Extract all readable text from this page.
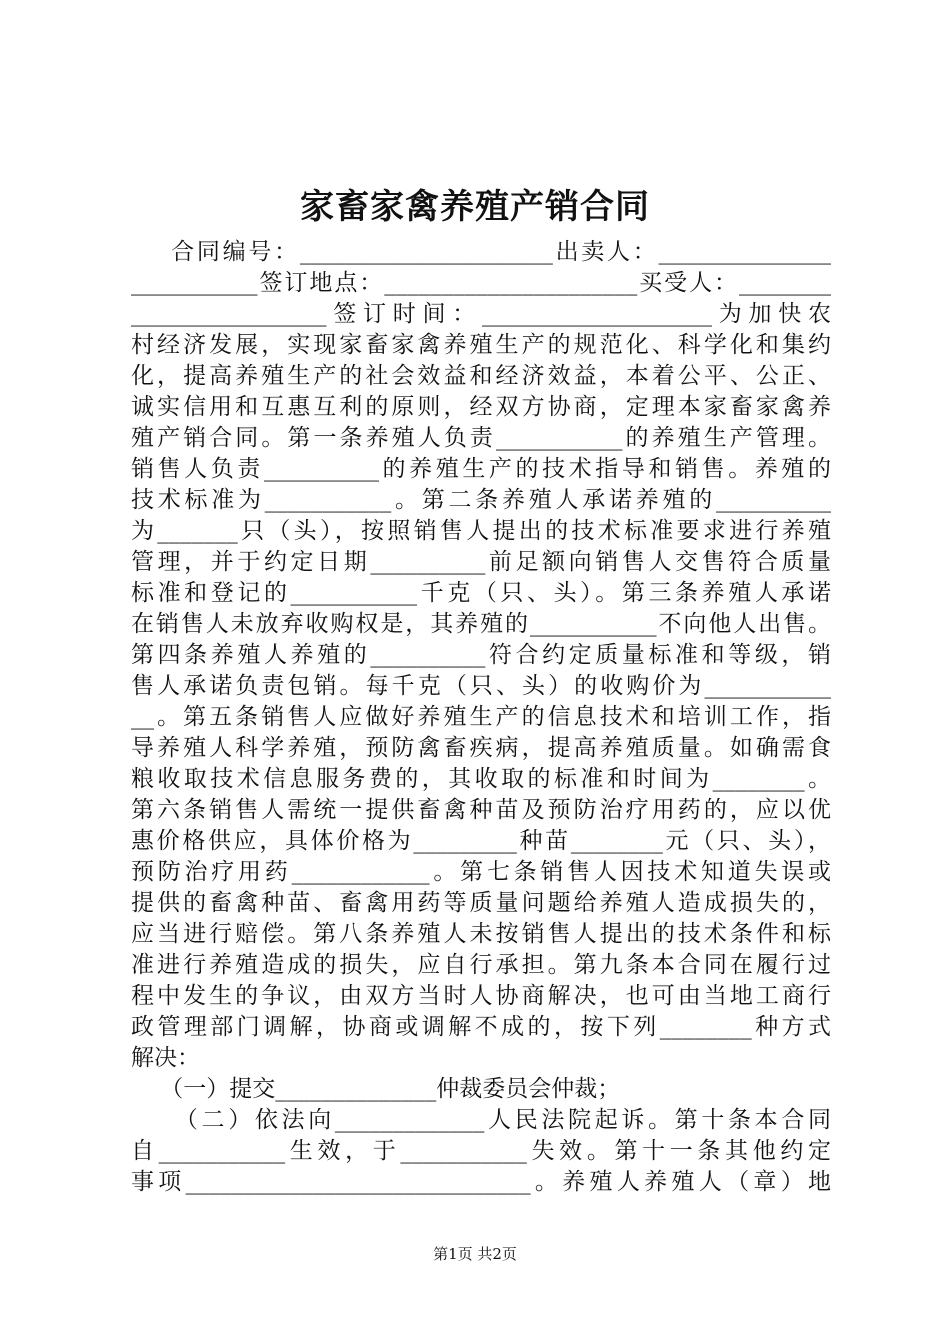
家畜家禽养殖产销合同
合同编号：______________________出卖人：_______________
___________签订地点：______________________买受人：________
_________________签订时间：____________________为加快农
村经济发展，实现家畜家禽养殖生产的规范化、科学化和集约
化，提高养殖生产的社会效益和经济效益，本着公平、公正、
诚实信用和互惠互利的原则，经双方协商，定理本家畜家禽养
殖产销合同。第一条养殖人负责___________的养殖生产管理。
销售人负责__________的养殖生产的技术指导和销售。养殖的
技术标准为___________。第二条养殖人承诺养殖的__________
为_______只（头），按照销售人提出的技术标准要求进行养殖
管理，并于约定日期__________前足额向销售人交售符合质量
标准和登记的___________千克（只、头）。第三条养殖人承诺
在销售人未放弃收购权是，其养殖的___________不向他人出售。
第四条养殖人养殖的__________符合约定质量标准和等级，销
售人承诺负责包销。每千克（只、头）的收购价为___________
__。第五条销售人应做好养殖生产的信息技术和培训工作，指
导养殖人科学养殖，预防禽畜疾病，提高养殖质量。如确需食
粮收取技术信息服务费的，其收取的标准和时间为________。
第六条销售人需统一提供畜禽种苗及预防治疗用药的，应以优
惠价格供应，具体价格为_________种苗________元（只、头），
预防治疗用药____________。第七条销售人因技术知道失误或
提供的畜禽种苗、畜禽用药等质量问题给养殖人造成损失的，
应当进行赔偿。第八条养殖人未按销售人提出的技术条件和标
准进行养殖造成的损失，应自行承担。第九条本合同在履行过
程中发生的争议，由双方当时人协商解决，也可由当地工商行
政管理部门调解，协商或调解不成的，按下列________种方式
解决：
（一）提交______________仲裁委员会仲裁；
（二）依法向_____________人民法院起诉。第十条本合同
自___________生效，于___________失效。第十一条其他约定
事项______________________________。养殖人养殖人（章）地
第1页 共2页
